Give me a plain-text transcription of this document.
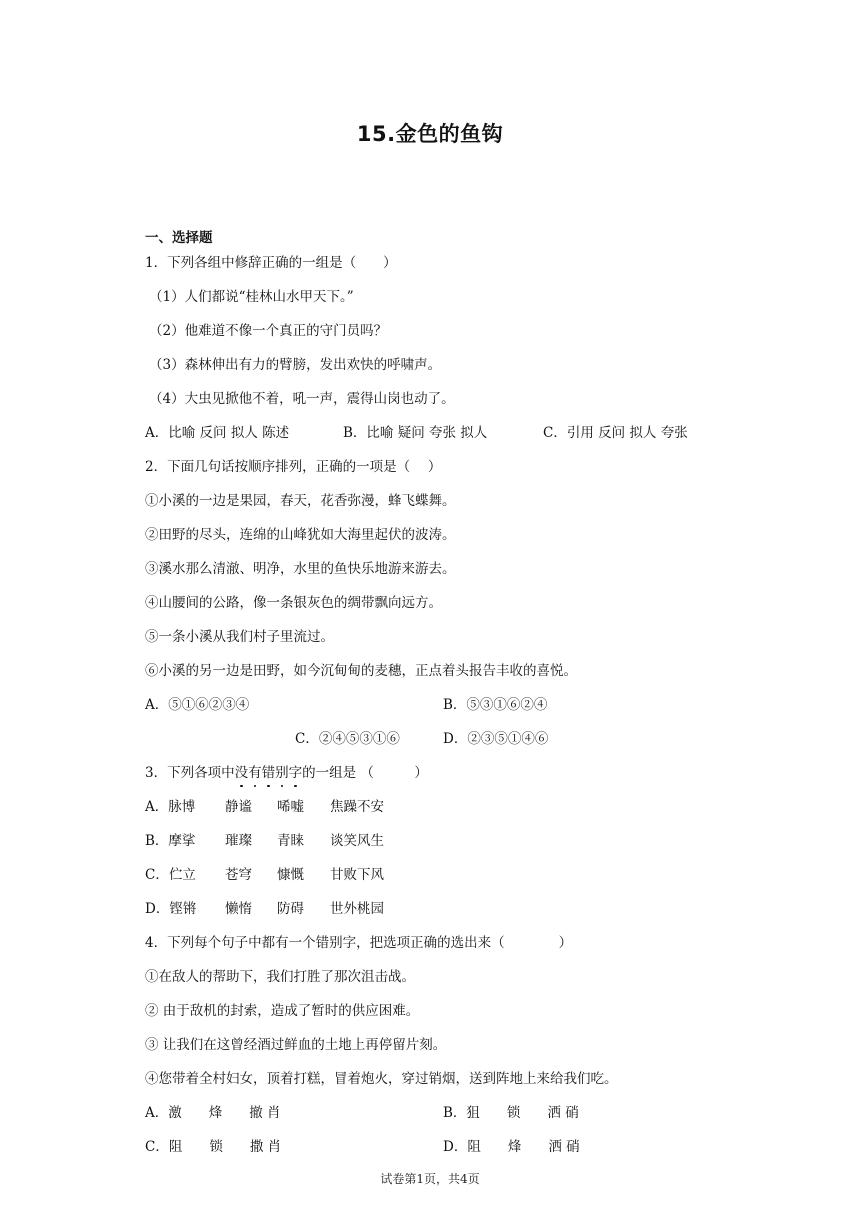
15.金色的鱼钩
一、选择题
1．下列各组中修辞正确的一组是（　　）
（1）人们都说“桂林山水甲天下。”
（2）他难道不像一个真正的守门员吗？
（3）森林伸出有力的臂膀，发出欢快的呼啸声。
（4）大虫见掀他不着，吼一声，震得山岗也动了。
A．比喻 反问 拟人 陈述	B．比喻 疑问 夸张 拟人	C．引用 反问 拟人 夸张
2．下面几句话按顺序排列，正确的一项是（　 ）
①小溪的一边是果园，春天，花香弥漫，蜂飞蝶舞。
②田野的尽头，连绵的山峰犹如大海里起伏的波涛。
③溪水那么清澈、明净，水里的鱼快乐地游来游去。
④山腰间的公路，像一条银灰色的绸带飘向远方。
⑤一条小溪从我们村子里流过。
⑥小溪的另一边是田野，如今沉甸甸的麦穗，正点着头报告丰收的喜悦。
A．⑤①⑥②③④	B．⑤③①⑥②④
C．②④⑤③①⑥	D．②③⑤①④⑥
3．下列各项中没有错别字的一组是 （　　　）
A．脉博 静谧 唏嘘 焦躁不安
B．摩挲 璀璨 青睐 谈笑风生
C．伫立 苍穹 慷慨 甘败下风
D．铿锵 懒惰 防碍 世外桃园
4．下列每个句子中都有一个错别字，把选项正确的选出来（　　　　）
①在敌人的帮助下，我们打胜了那次沮击战。
② 由于敌机的封索，造成了暂时的供应困难。
③ 让我们在这曾经酒过鲜血的土地上再停留片刻。
④您带着全村妇女，顶着打糕，冒着炮火，穿过销烟，送到阵地上来给我们吃。
A．激　　烽　　撤 肖	B．狙　　锁　　洒 硝
C．阻　　锁　　撒 肖	D．阻　　烽　　洒 硝
试卷第1页，共4页
